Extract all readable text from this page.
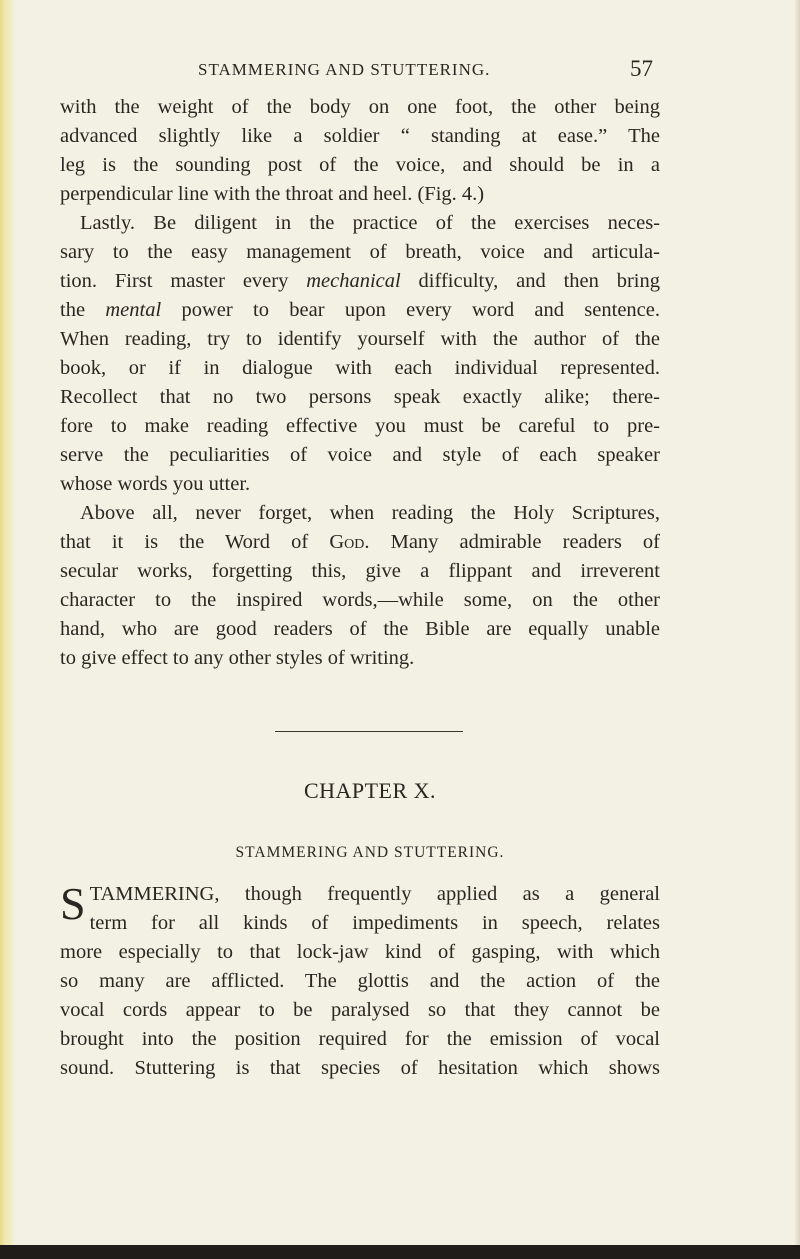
STAMMERING AND STUTTERING.	57
with the weight of the body on one foot, the other being
advanced slightly like a soldier “ standing at ease.” The
leg is the sounding post of the voice, and should be in a
perpendicular line with the throat and heel. (Fig. 4.)
Lastly. Be diligent in the practice of the exercises neces-
sary to the easy management of breath, voice and articula-
tion. First master every mechanical difficulty, and then bring
the mental power to bear upon every word and sentence.
When reading, try to identify yourself with the author of the
book, or if in dialogue with each individual represented.
Recollect that no two persons speak exactly alike; there-
fore to make reading effective you must be careful to pre-
serve the peculiarities of voice and style of each speaker
whose words you utter.
Above all, never forget, when reading the Holy Scriptures,
that it is the Word of God. Many admirable readers of
secular works, forgetting this, give a flippant and irreverent
character to the inspired words,—while some, on the other
hand, who are good readers of the Bible are equally unable
to give effect to any other styles of writing.
CHAPTER X.
STAMMERING AND STUTTERING.
S TAMMERING, though frequently applied as a general
term for all kinds of impediments in speech, relates
more especially to that lock-jaw kind of gasping, with which
so many are afflicted. The glottis and the action of the
vocal cords appear to be paralysed so that they cannot be
brought into the position required for the emission of vocal
sound. Stuttering is that species of hesitation which shows
